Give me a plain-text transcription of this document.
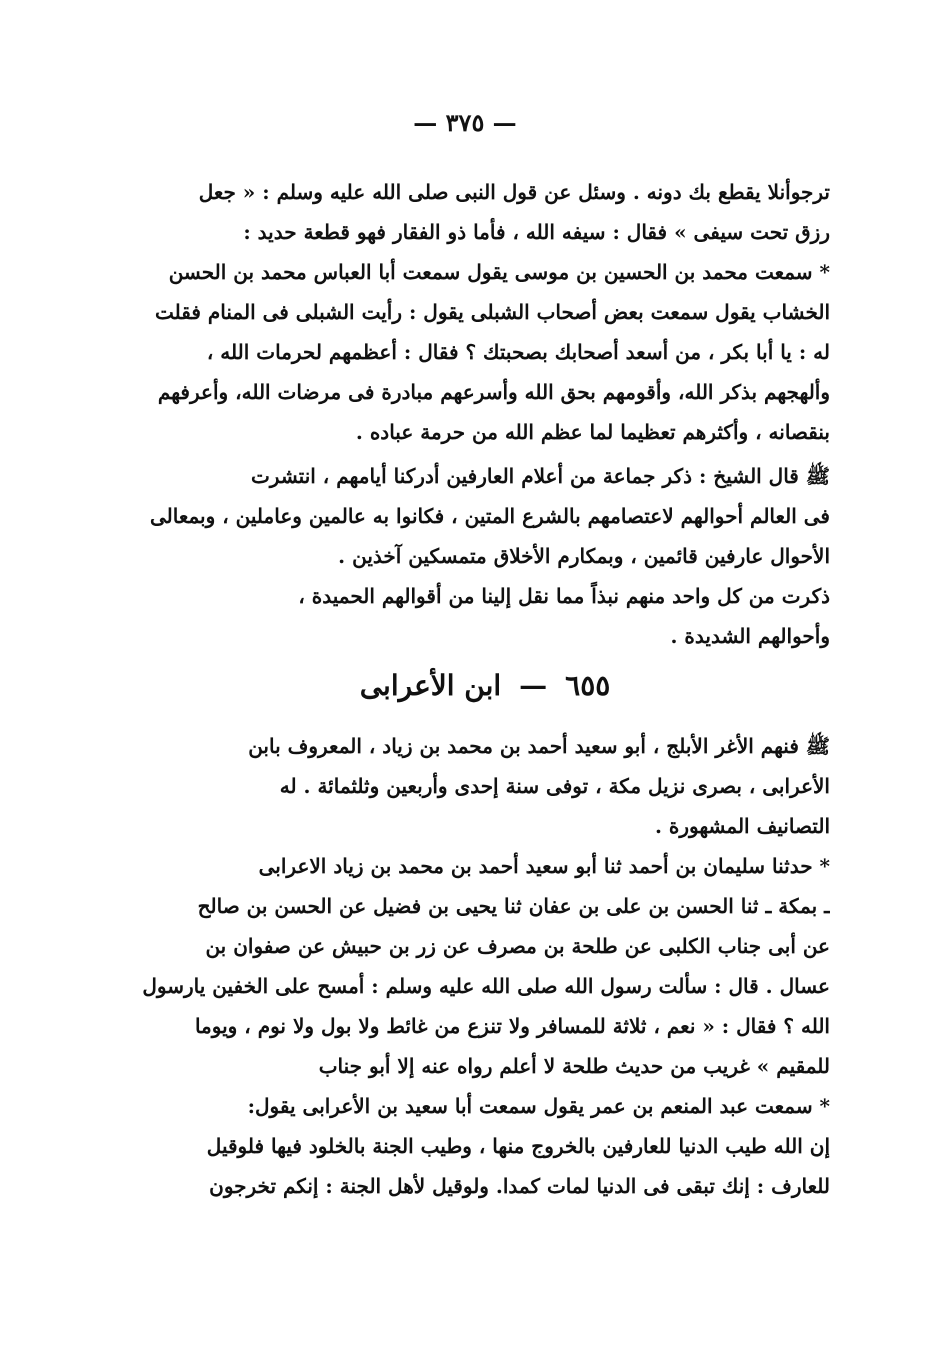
— ٣٧٥ —
ترجوأنلا يقطع بك دونه . وسئل عن قول النبى صلى الله عليه وسلم : « جعل
رزق تحت سيفى » فقال : سيفه الله ، فأما ذو الفقار فهو قطعة حديد :
* سمعت محمد بن الحسين بن موسى يقول سمعت أبا العباس محمد بن الحسن
الخشاب يقول سمعت بعض أصحاب الشبلى يقول : رأيت الشبلى فى المنام فقلت
له : يا أبا بكر ، من أسعد أصحابك بصحبتك ؟ فقال : أعظمهم لحرمات الله ،
وألهجهم بذكر الله، وأقومهم بحق الله وأسرعهم مبادرة فى مرضات الله، وأعرفهم
بنقصانه ، وأكثرهم تعظيما لما عظم الله من حرمة عباده .
ﷺ قال الشيخ : ذكر جماعة من أعلام العارفين أدركنا أيامهم ، انتشرت
فى العالم أحوالهم لاعتصامهم بالشرع المتين ، فكانوا به عالمين وعاملين ، وبمعالى
الأحوال عارفين قائمين ، وبمكارم الأخلاق متمسكين آخذين .
ذكرت من كل واحد منهم نبذاً مما نقل إلينا من أقوالهم الحميدة ،
وأحوالهم الشديدة .
٦٥٥—ابن الأعرابى
ﷺ فنهم الأغر الأبلج ، أبو سعيد أحمد بن محمد بن زياد ، المعروف بابن
الأعرابى ، بصرى نزيل مكة ، توفى سنة إحدى وأربعين وثلثمائة . له
التصانيف المشهورة .
* حدثنا سليمان بن أحمد ثنا أبو سعيد أحمد بن محمد بن زياد الاعرابى
ـ بمكة ـ ثنا الحسن بن على بن عفان ثنا يحيى بن فضيل عن الحسن بن صالح
عن أبى جناب الكلبى عن طلحة بن مصرف عن زر بن حبيش عن صفوان بن
عسال . قال : سألت رسول الله صلى الله عليه وسلم : أمسح على الخفين يارسول
الله ؟ فقال : « نعم ، ثلاثة للمسافر ولا تنزع من غائط ولا بول ولا نوم ، ويوما
للمقيم » غريب من حديث طلحة لا أعلم رواه عنه إلا أبو جناب
* سمعت عبد المنعم بن عمر يقول سمعت أبا سعيد بن الأعرابى يقول:
إن الله طيب الدنيا للعارفين بالخروج منها ، وطيب الجنة بالخلود فيها فلوقيل
للعارف : إنك تبقى فى الدنيا لمات كمدا. ولوقيل لأهل الجنة : إنكم تخرجون
